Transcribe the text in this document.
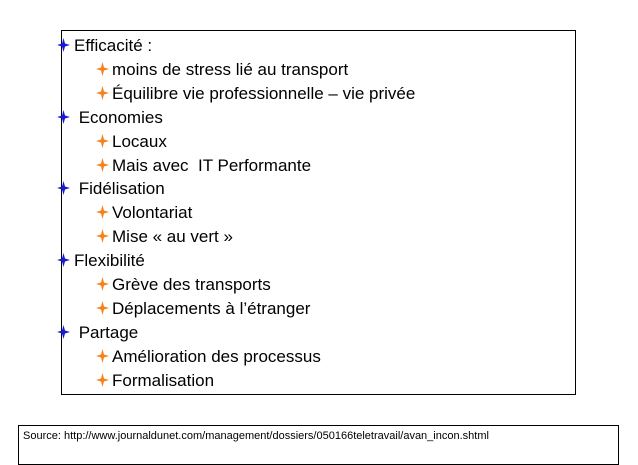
Efficacité :
moins de stress lié au transport
Équilibre vie professionnelle – vie privée
Economies
Locaux
Mais avec  IT Performante
Fidélisation
Volontariat
Mise « au vert »
Flexibilité
Grève des transports
Déplacements à l’étranger
Partage
Amélioration des processus
Formalisation
Source: http://www.journaldunet.com/management/dossiers/050166teletravail/avan_incon.shtml
